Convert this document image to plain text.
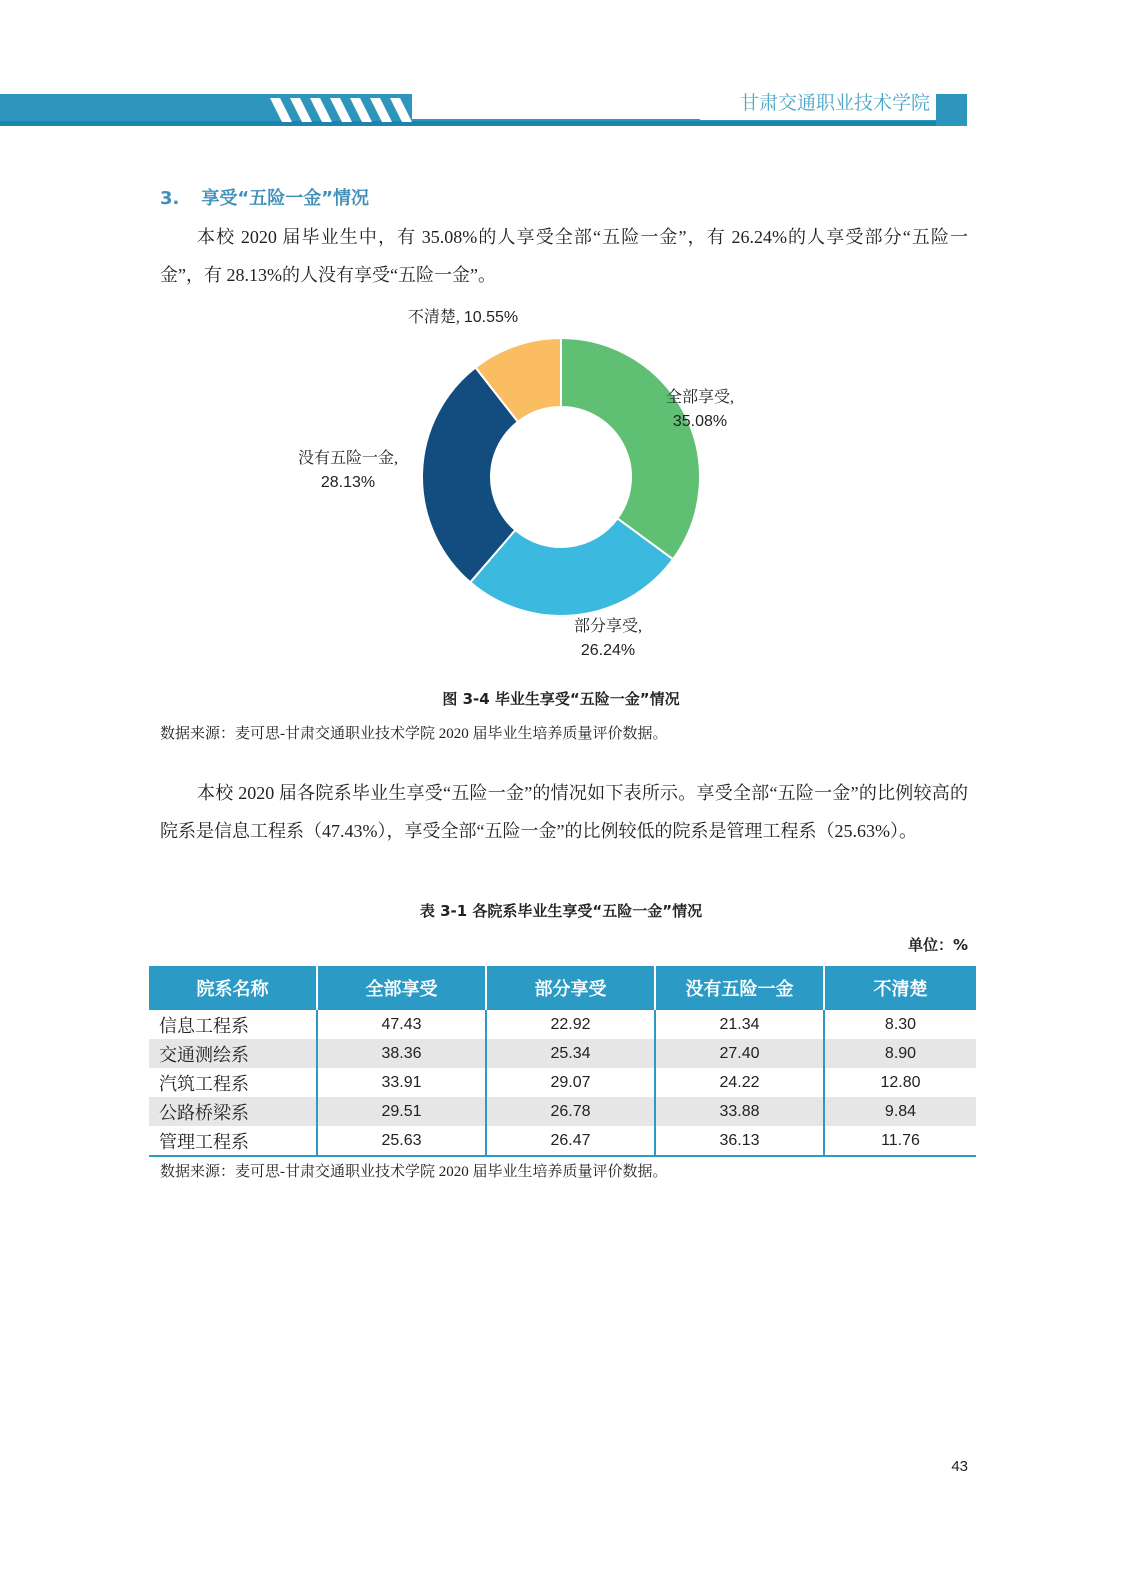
甘肃交通职业技术学院
3. 享受“五险一金”情况
本校 2020 届毕业生中，有 35.08%的人享受全部“五险一金”，有 26.24%的人享受部分“五险一金”，有 28.13%的人没有享受“五险一金”。
全部享受, 35.08%
部分享受, 26.24%
没有五险一金, 28.13%
不清楚, 10.55%
图 3-4 毕业生享受“五险一金”情况
数据来源：麦可思-甘肃交通职业技术学院 2020 届毕业生培养质量评价数据。
本校 2020 届各院系毕业生享受“五险一金”的情况如下表所示。享受全部“五险一金”的比例较高的院系是信息工程系（47.43%），享受全部“五险一金”的比例较低的院系是管理工程系（25.63%）。
表 3-1 各院系毕业生享受“五险一金”情况
单位：%
院系名称	全部享受	部分享受	没有五险一金	不清楚
信息工程系	47.43	22.92	21.34	8.30
交通测绘系	38.36	25.34	27.40	8.90
汽筑工程系	33.91	29.07	24.22	12.80
公路桥梁系	29.51	26.78	33.88	9.84
管理工程系	25.63	26.47	36.13	11.76
数据来源：麦可思-甘肃交通职业技术学院 2020 届毕业生培养质量评价数据。
43
